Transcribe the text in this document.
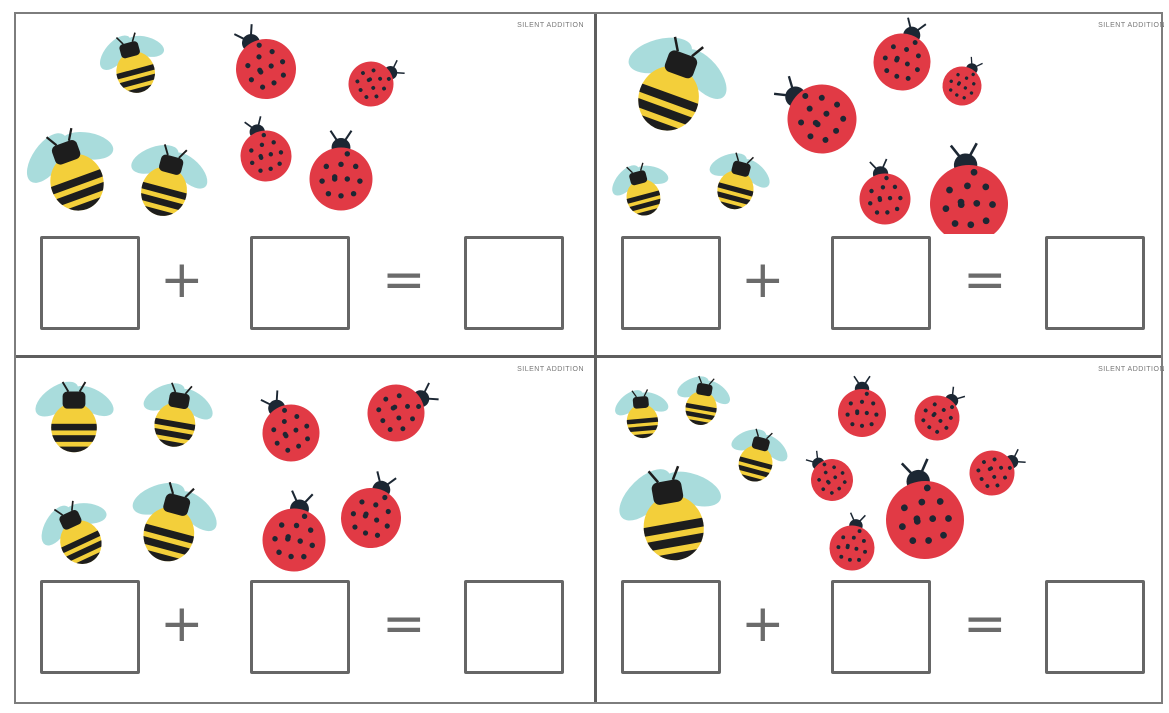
SILENT ADDITION
+	=
SILENT ADDITION
+	=
SILENT ADDITION
+	=
SILENT ADDITION
+	=
